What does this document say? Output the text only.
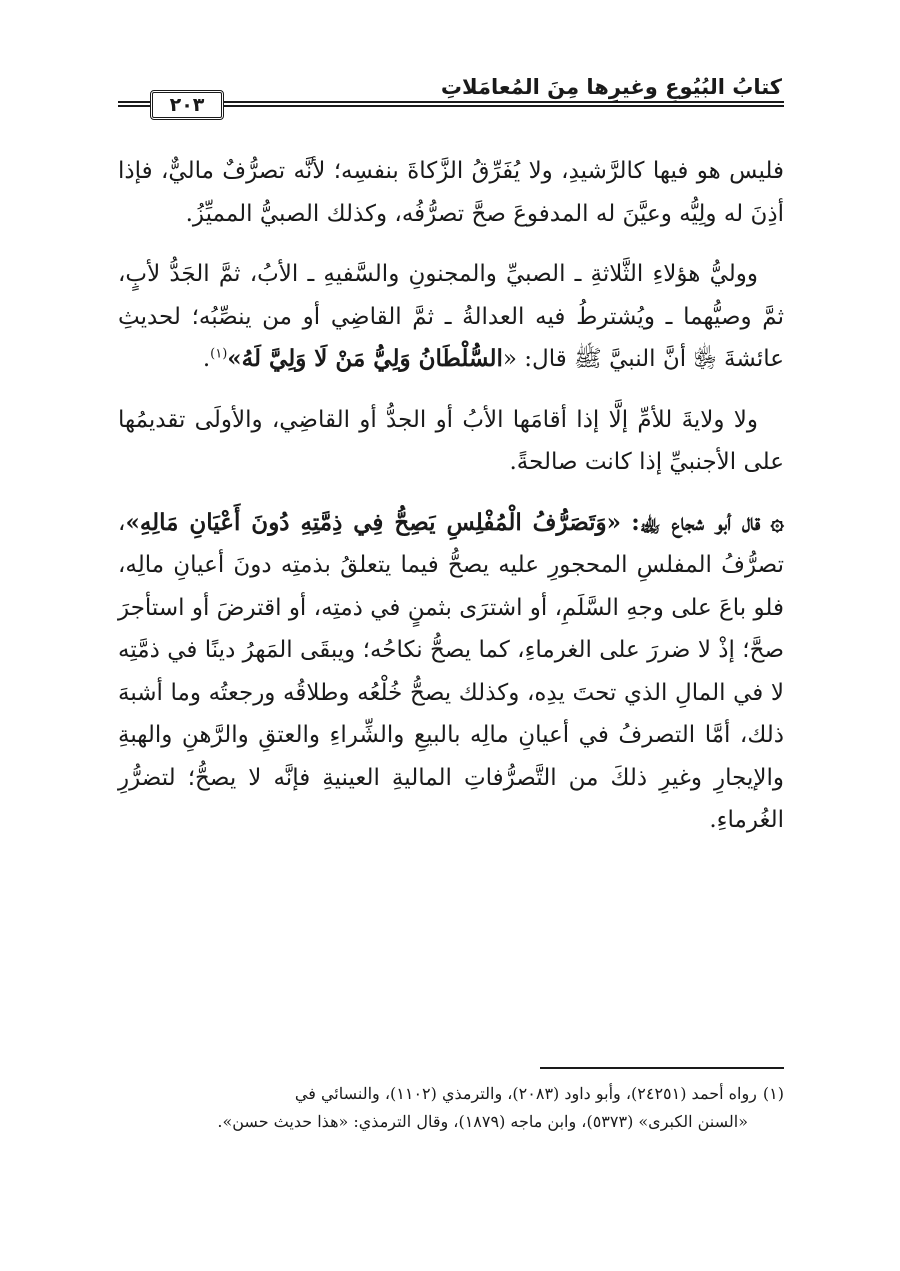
كتابُ البُيُوعِ وغيرِها مِنَ المُعامَلاتِ
٢٠٣

فليس هو فيها كالرَّشيدِ، ولا يُفَرِّقُ الزَّكاةَ بنفسِه؛ لأنَّه تصرُّفٌ ماليٌّ، فإذا أذِنَ له ولِيُّه وعيَّنَ له المدفوعَ صحَّ تصرُّفُه، وكذلك الصبيُّ المميِّزُ.

ووليُّ هؤلاءِ الثَّلاثةِ ـ الصبيِّ والمجنونِ والسَّفيهِ ـ الأبُ، ثمَّ الجَدُّ لأبٍ، ثمَّ وصيُّهما ـ ويُشترطُ فيه العدالةُ ـ ثمَّ القاضِي أو من ينصِّبُه؛ لحديثِ عائشةَ ﵂ أنَّ النبيَّ ﷺ قال: «السُّلْطَانُ وَلِيُّ مَنْ لَا وَلِيَّ لَهُ»$^{(١)}$.

ولا ولايةَ للأمِّ إلَّا إذا أقامَها الأبُ أو الجدُّ أو القاضِي، والأولَى تقديمُها على الأجنبيِّ إذا كانت صالحةً.

۞ قال أبو شجاع ﵀: «وَتَصَرُّفُ الْمُفْلِسِ يَصِحُّ فِي ذِمَّتِهِ دُونَ أَعْيَانِ مَالِهِ»، تصرُّفُ المفلسِ المحجورِ عليه يصحُّ فيما يتعلقُ بذمتِه دونَ أعيانِ مالِه، فلو باعَ على وجهِ السَّلَمِ، أو اشترَى بثمنٍ في ذمتِه، أو اقترضَ أو استأجرَ صحَّ؛ إذْ لا ضررَ على الغرماءِ، كما يصحُّ نكاحُه؛ ويبقَى المَهرُ دينًا في ذمَّتِه لا في المالِ الذي تحتَ يدِه، وكذلك يصحُّ خُلْعُه وطلاقُه ورجعتُه وما أشبهَ ذلك، أمَّا التصرفُ في أعيانِ مالِه بالبيعِ والشِّراءِ والعتقِ والرَّهنِ والهبةِ والإيجارِ وغيرِ ذلكَ من التَّصرُّفاتِ الماليةِ العينيةِ فإنَّه لا يصحُّ؛ لتضرُّرِ الغُرماءِ.

(١)رواه أحمد (٢٤٢٥١)، وأبو داود (٢٠٨٣)، والترمذي (١١٠٢)، والنسائي في
«السنن الكبرى» (٥٣٧٣)، وابن ماجه (١٨٧٩)، وقال الترمذي: «هذا حديث حسن».
